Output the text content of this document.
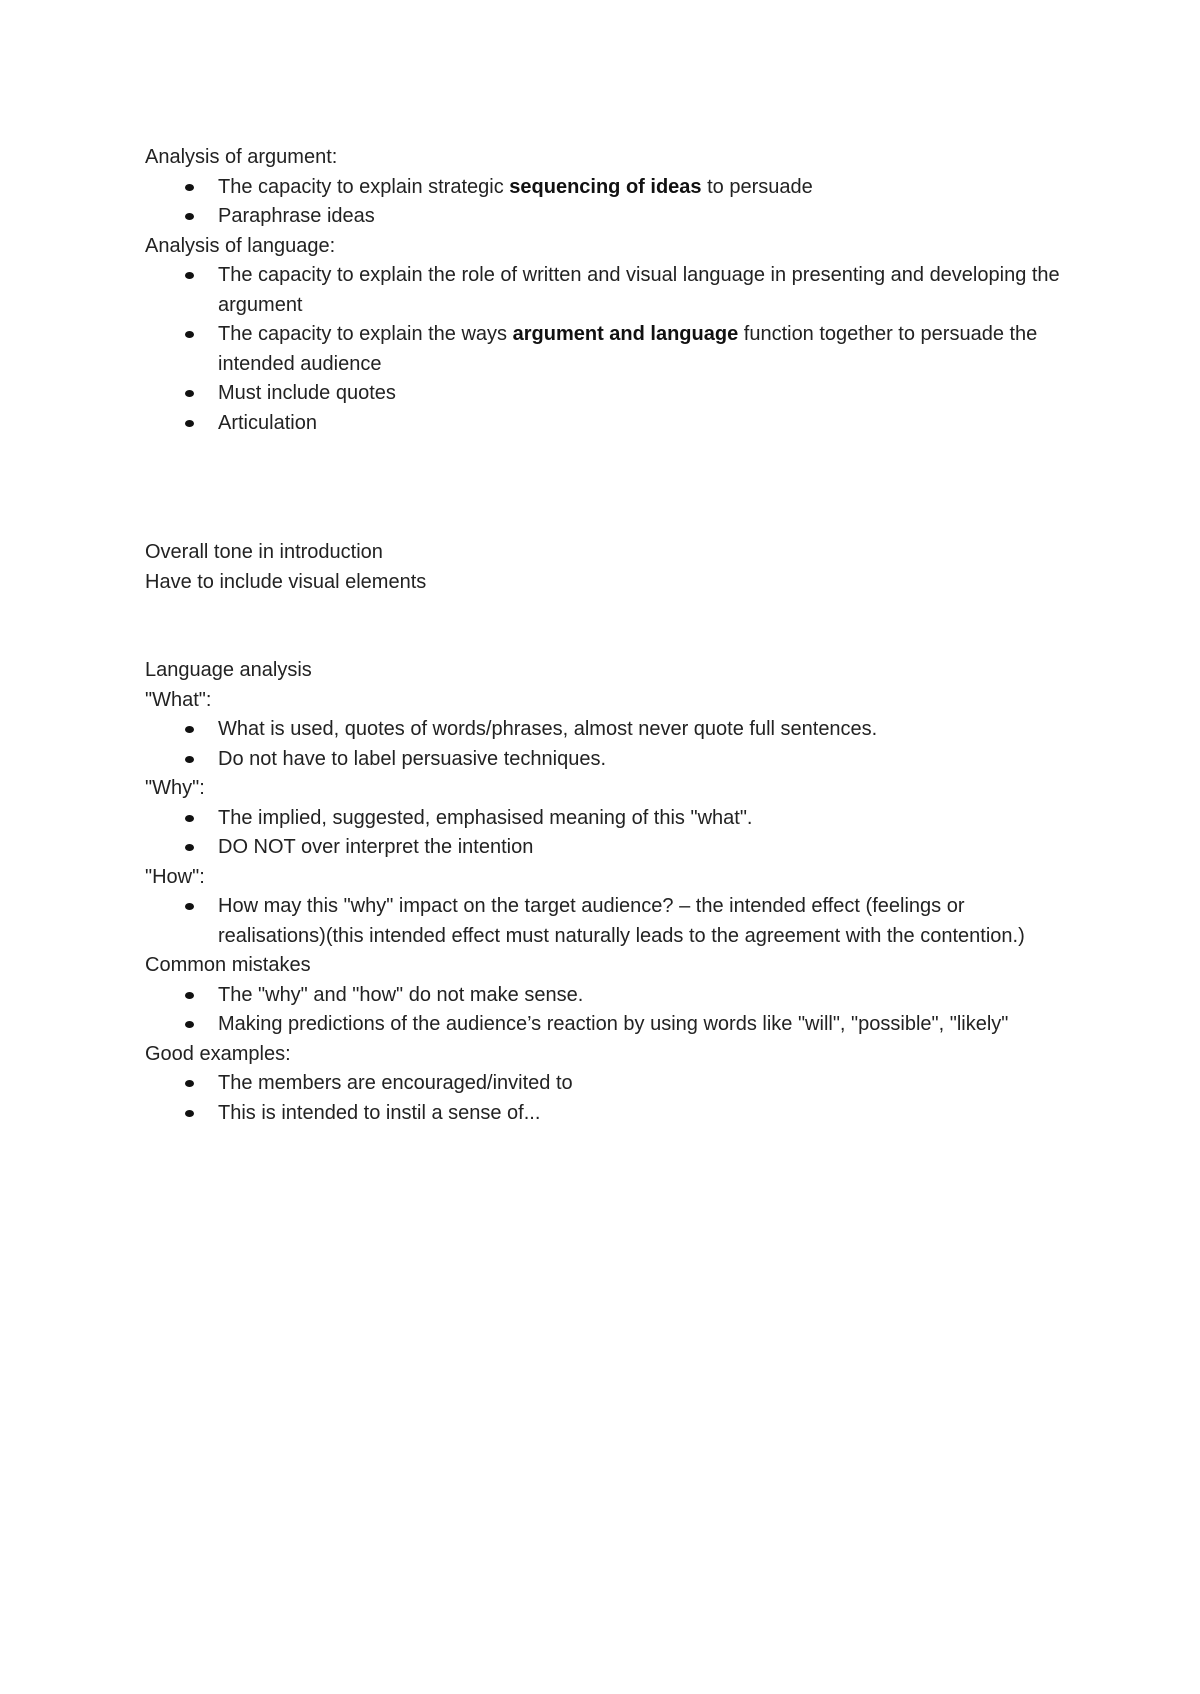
Analysis of argument:

The capacity to explain strategic sequencing of ideas to persuade
Paraphrase ideas

Analysis of language:

The capacity to explain the role of written and visual language in presenting and developing the argument
The capacity to explain the ways argument and language function together to persuade the intended audience
Must include quotes
Articulation

Overall tone in introduction

Have to include visual elements

Language analysis

"What":

What is used, quotes of words/phrases, almost never quote full sentences.
Do not have to label persuasive techniques.

"Why":

The implied, suggested, emphasised meaning of this "what".
DO NOT over interpret the intention

"How":

How may this "why" impact on the target audience? – the intended effect (feelings or realisations)(this intended effect must naturally leads to the agreement with the contention.)

Common mistakes

The "why" and "how" do not make sense.
Making predictions of the audience’s reaction by using words like "will", "possible", "likely"

Good examples:

The members are encouraged/invited to
This is intended to instil a sense of...
